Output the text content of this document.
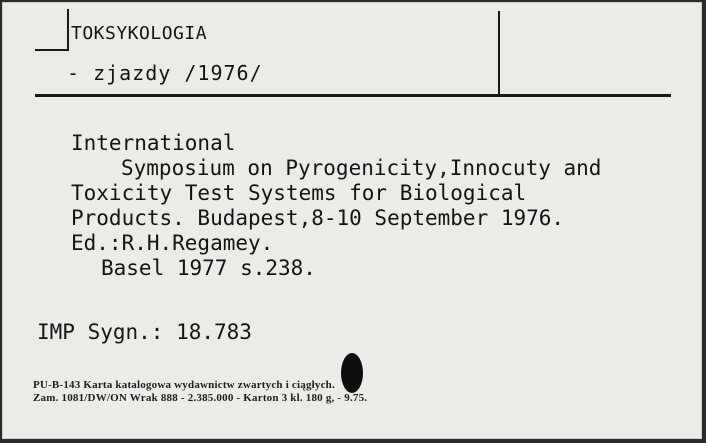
TOKSYKOLOGIA
- zjazdy /1976/
International
Symposium on Pyrogenicity,Innocuty and
Toxicity Test Systems for Biological
Products. Budapest,8-10 September 1976.
Ed.:R.H.Regamey.
Basel 1977 s.238.
IMP Sygn.: 18.783
PU-B-143 Karta katalogowa wydawnictw zwartych i ciągłych.
Zam. 1081/DW/ON Wrak 888 - 2.385.000 - Karton 3 kl. 180 g, - 9.75.
